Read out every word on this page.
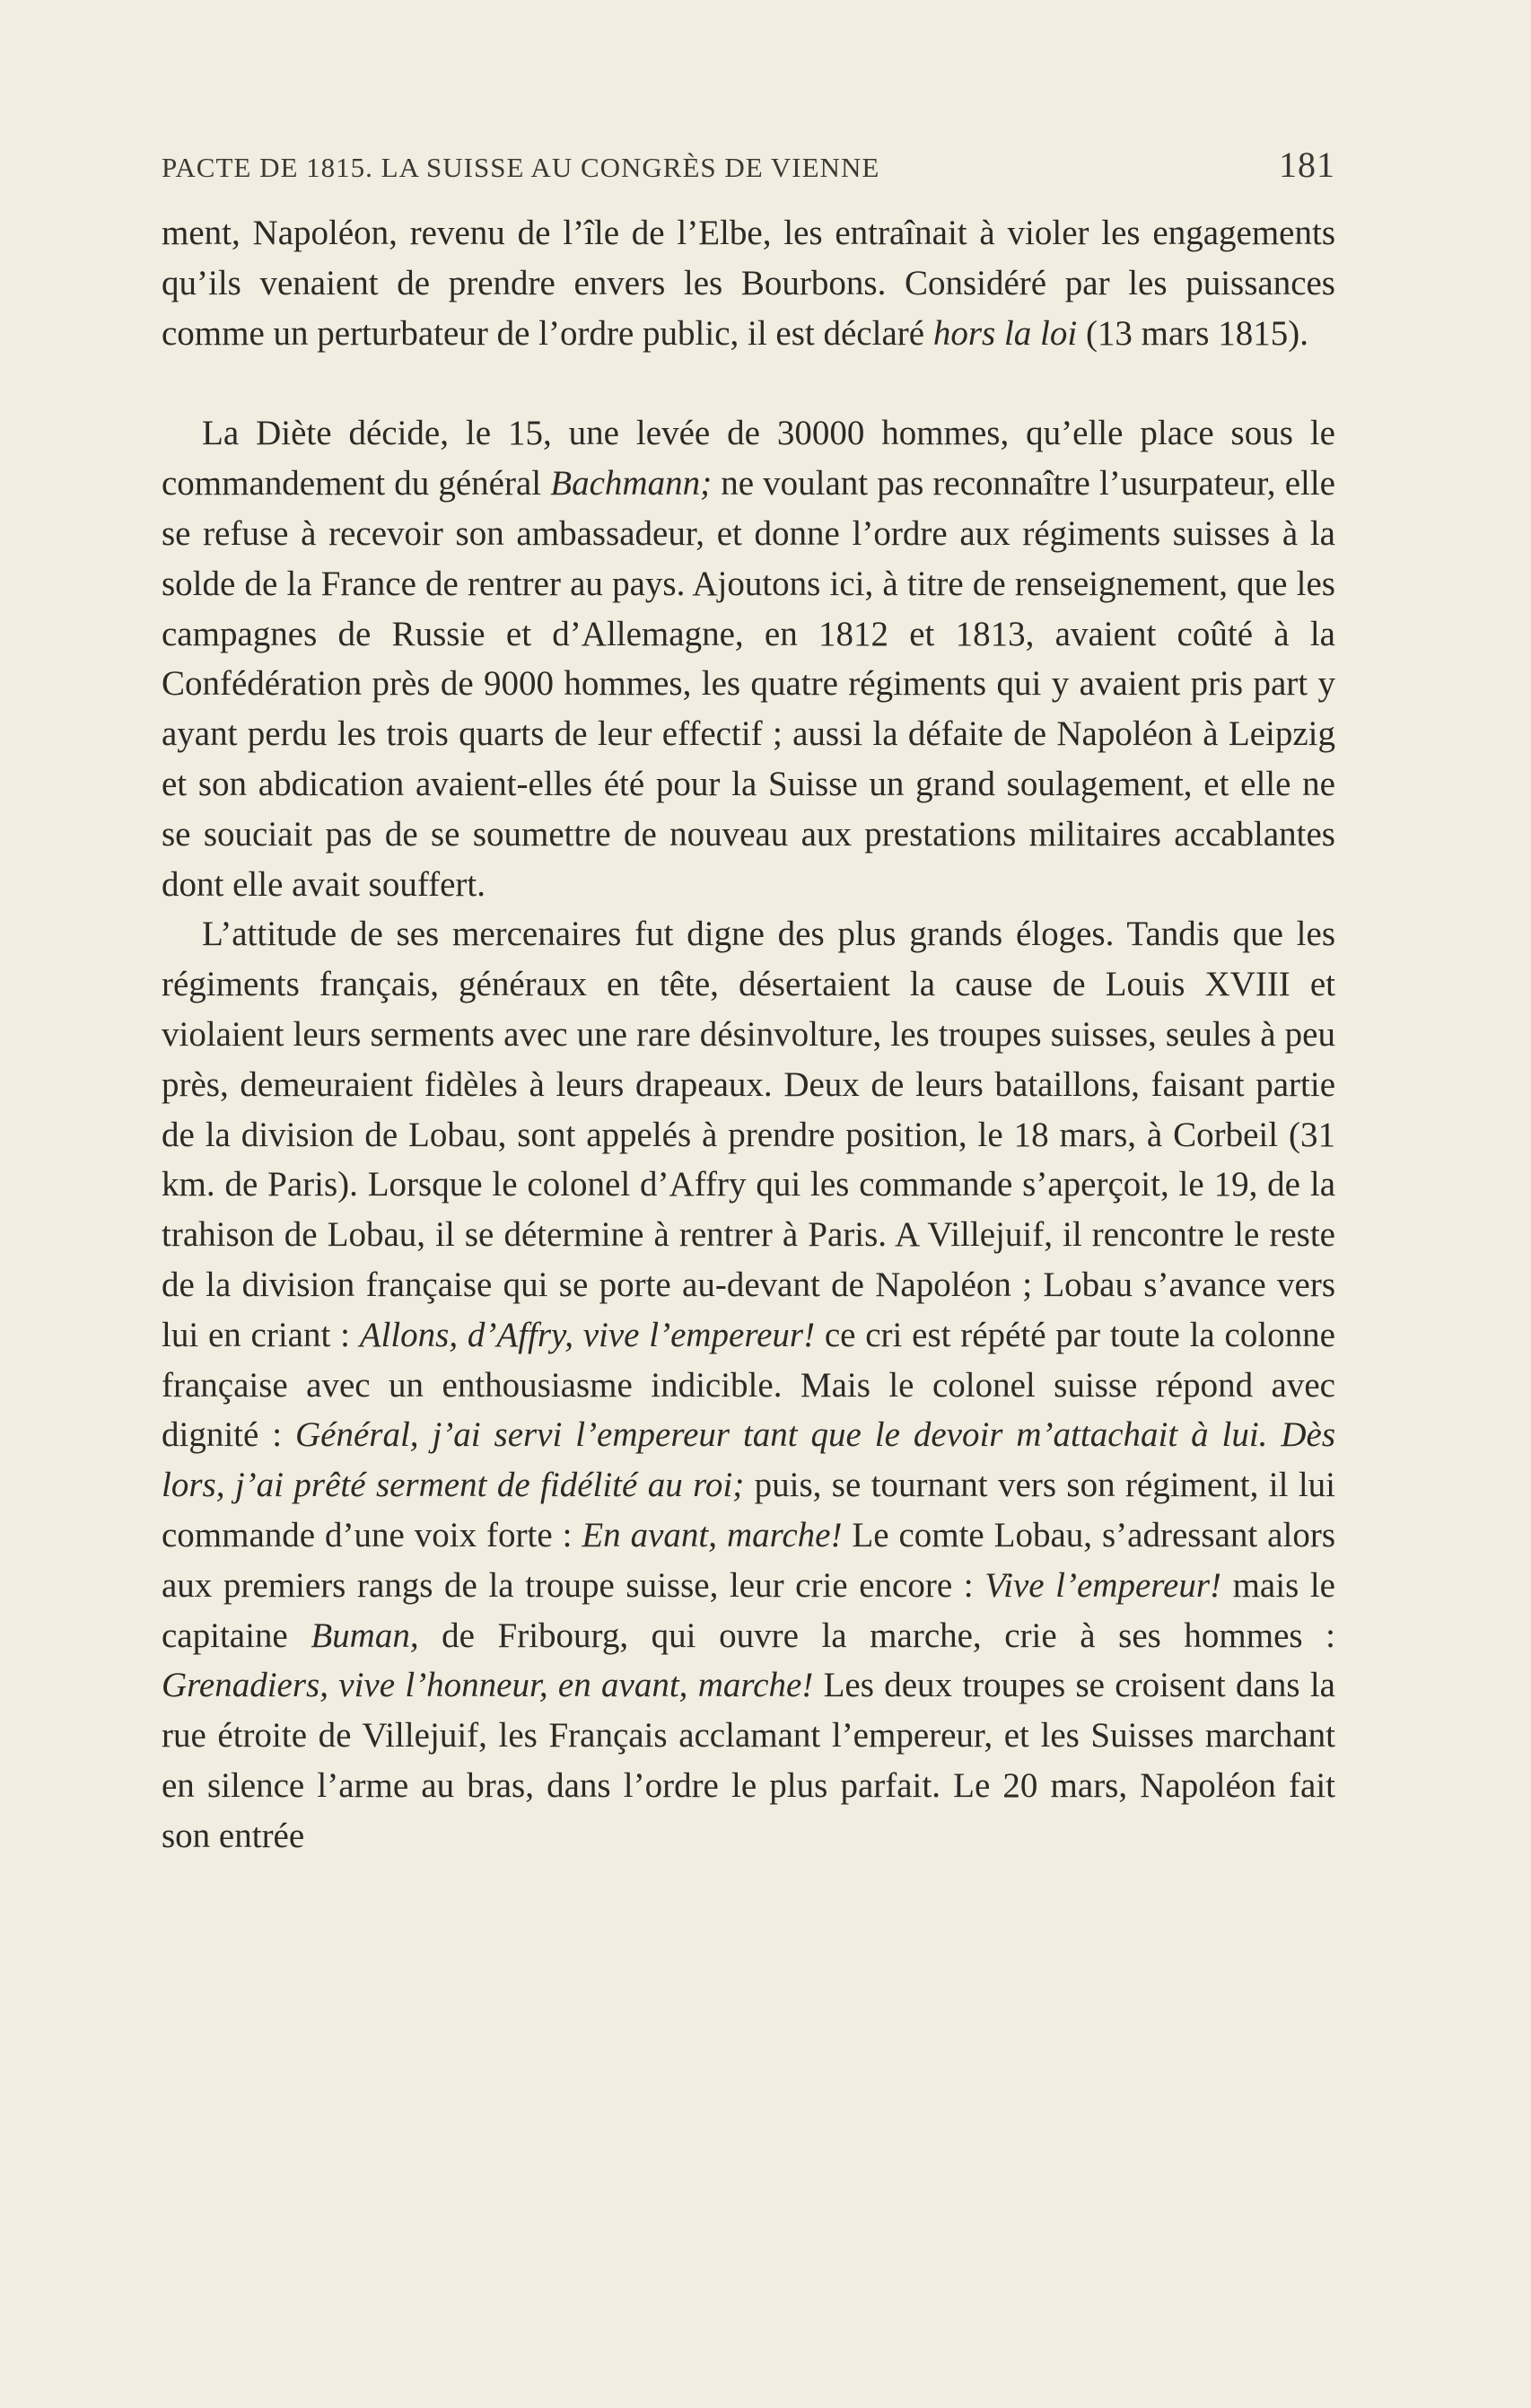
PACTE DE 1815. LA SUISSE AU CONGRÈS DE VIENNE	181

ment, Napoléon, revenu de l’île de l’Elbe, les entraînait à violer les engagements qu’ils venaient de prendre envers les Bourbons. Considéré par les puissances comme un perturbateur de l’ordre public, il est déclaré hors la loi (13 mars 1815).

La Diète décide, le 15, une levée de 30000 hommes, qu’elle place sous le commandement du général Bachmann; ne voulant pas reconnaître l’usurpateur, elle se refuse à recevoir son ambassadeur, et donne l’ordre aux régiments suisses à la solde de la France de rentrer au pays. Ajoutons ici, à titre de renseignement, que les campagnes de Russie et d’Allemagne, en 1812 et 1813, avaient coûté à la Confédération près de 9000 hommes, les quatre régiments qui y avaient pris part y ayant perdu les trois quarts de leur effectif ; aussi la défaite de Napoléon à Leipzig et son abdication avaient-elles été pour la Suisse un grand soulagement, et elle ne se souciait pas de se soumettre de nouveau aux prestations militaires accablantes dont elle avait souffert.

L’attitude de ses mercenaires fut digne des plus grands éloges. Tandis que les régiments français, généraux en tête, désertaient la cause de Louis XVIII et violaient leurs serments avec une rare désinvolture, les troupes suisses, seules à peu près, demeuraient fidèles à leurs drapeaux. Deux de leurs bataillons, faisant partie de la division de Lobau, sont appelés à prendre position, le 18 mars, à Corbeil (31 km. de Paris). Lorsque le colonel d’Affry qui les commande s’aperçoit, le 19, de la trahison de Lobau, il se détermine à rentrer à Paris. A Villejuif, il rencontre le reste de la division française qui se porte au-devant de Napoléon ; Lobau s’avance vers lui en criant : Allons, d’Affry, vive l’empereur! ce cri est répété par toute la colonne française avec un enthousiasme indicible. Mais le colonel suisse répond avec dignité : Général, j’ai servi l’empereur tant que le devoir m’attachait à lui. Dès lors, j’ai prêté serment de fidélité au roi; puis, se tournant vers son régiment, il lui commande d’une voix forte : En avant, marche! Le comte Lobau, s’adressant alors aux premiers rangs de la troupe suisse, leur crie encore : Vive l’empereur! mais le capitaine Buman, de Fribourg, qui ouvre la marche, crie à ses hommes : Grenadiers, vive l’honneur, en avant, marche! Les deux troupes se croisent dans la rue étroite de Villejuif, les Français acclamant l’empereur, et les Suisses marchant en silence l’arme au bras, dans l’ordre le plus parfait. Le 20 mars, Napoléon fait son entrée
